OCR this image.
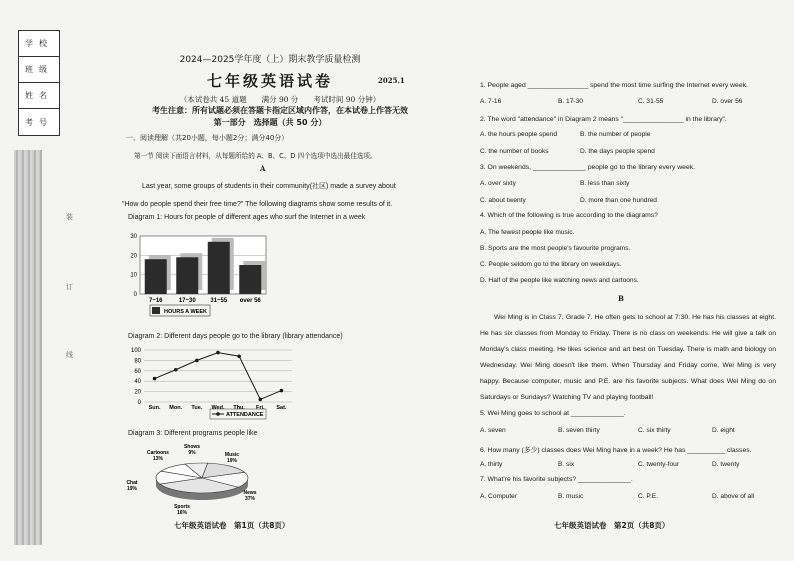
学校
班级
姓名
考号
装
订
线
2024—2025学年度（上）期末教学质量检测
七年级英语试卷	2025.1
（本试卷共 45 道题　　满分 90 分　　考试时间 90 分钟）
考生注意：所有试题必须在答题卡指定区域内作答，在本试卷上作答无效
第一部分　选择题（共 50 分）
一、阅读理解（共20小题，每小题2分；满分40分）
第一节 阅读下面语言材料，从每题所给的 A、B、C、D 四个选项中选出最佳选项。
A
Last year, some groups of students in their community(社区) made a survey about "How do people spend their free time?" The following diagrams show some results of it.
Diagram 1: Hours for people of different ages who surf the Internet in a week
0
10
20
30
7~16	17~30 31~55 over 56
HOURS A WEEK
Diagram 2: Different days people go to the library (library attendance)
0
20
40
60
80
100
Sun. Mon. Tue. Wed. Thu. Fri. Sat.
ATTENDANCE
Diagram 3: Different programs people like
Cartoons
13%
Shows
9%	Music
19%
Chat
19%
News
37%
Sports
16%
七年级英语试卷　第1页（共8页）
B
Wei Ming is in Class 7, Grade 7. He often gets to school at 7:30. He has his classes at eight. He has six classes from Monday to Friday. There is no class on weekends. He will give a talk on Monday's class meeting. He likes science and art best on Tuesday. There is math and biology on Wednesday. Wei Ming doesn't like them. When Thursday and Friday come, Wei Ming is very happy. Because computer, music and P.E. are his favorite subjects. What does Wei Ming do on Saturdays or Sundays? Watching TV and playing football!
七年级英语试卷　第2页（共8页）
1. People aged ________________ spend the most time surfing the Internet every week.
A. 7-16	B. 17-30	C. 31-55	D. over 56
2. The word "attendance" in Diagram 2 means "________________ in the library".
A. the hours people spend	B. the number of people
C. the number of books	D. the days people spend
3. On weekends, ______________ people go to the library every week.
A. over sixty	B. less than sixty
C. about twenty	D. more than one hundred
4. Which of the following is true according to the diagrams?
A. The fewest people like music.
B. Sports are the most people's favourite programs.
C. People seldom go to the library on weekdays.
D. Half of the people like watching news and cartoons.
5. Wei Ming goes to school at ______________.
A. seven	B. seven thirty	C. six thirty	D. eight
6. How many (多少) classes does Wei Ming have in a week? He has __________ classes.
A. thirty	B. six	C. twenty-four	D. twenty
7. What're his favorite subjects? ______________.
A. Computer	B. music	C. P.E.	D. above of all
